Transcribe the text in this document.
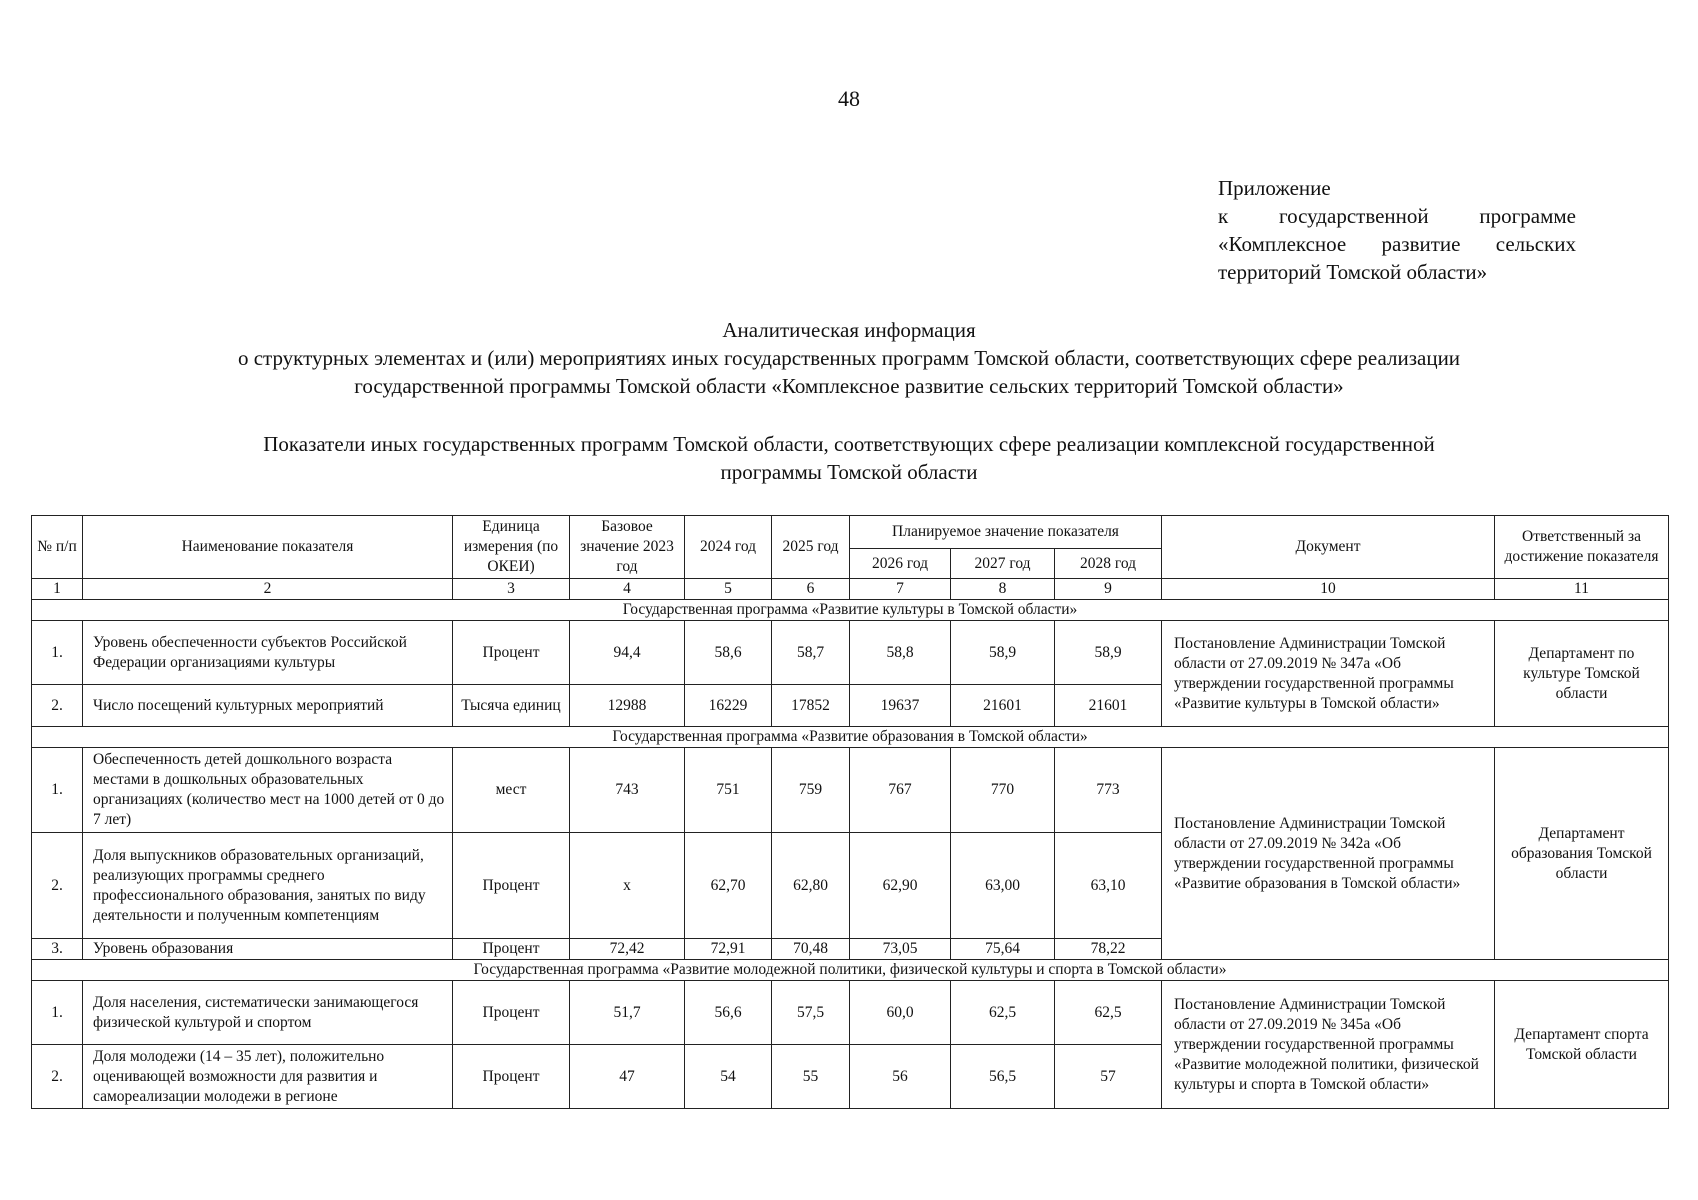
48
Приложение
к государственной программе
«Комплексное развитие сельских
территорий Томской области»
Аналитическая информация
о структурных элементах и (или) мероприятиях иных государственных программ Томской области, соответствующих сфере реализации
государственной программы Томской области «Комплексное развитие сельских территорий Томской области»
Показатели иных государственных программ Томской области, соответствующих сфере реализации комплексной государственной
программы Томской области
№ п/п	Наименование показателя	Единица измерения (по ОКЕИ)	Базовое значение 2023 год	2024 год	2025 год	Планируемое значение показателя			Документ	Ответственный за достижение показателя
						2026 год	2027 год	2028 год		
1	2	3	4	5	6	7	8	9	10	11
Государственная программа «Развитие культуры в Томской области»										
1.	Уровень обеспеченности субъектов Российской Федерации организациями культуры	Процент	94,4	58,6	58,7	58,8	58,9	58,9	Постановление Администрации Томской области от 27.09.2019 № 347а «Об утверждении государственной программы «Развитие культуры в Томской области»	Департамент по культуре Томской области
2.	Число посещений культурных мероприятий	Тысяча единиц	12988	16229	17852	19637	21601	21601		
Государственная программа «Развитие образования в Томской области»										
1.	Обеспеченность детей дошкольного возраста местами в дошкольных образовательных организациях (количество мест на 1000 детей от 0 до 7 лет)	мест	743	751	759	767	770	773	Постановление Администрации Томской области от 27.09.2019 № 342а «Об утверждении государственной программы «Развитие образования в Томской области»	Департамент образования Томской области
2.	Доля выпускников образовательных организаций, реализующих программы среднего профессионального образования, занятых по виду деятельности и полученным компетенциям	Процент	х	62,70	62,80	62,90	63,00	63,10		
3.	Уровень образования	Процент	72,42	72,91	70,48	73,05	75,64	78,22		
Государственная программа «Развитие молодежной политики, физической культуры и спорта в Томской области»										
1.	Доля населения, систематически занимающегося физической культурой и спортом	Процент	51,7	56,6	57,5	60,0	62,5	62,5	Постановление Администрации Томской области от 27.09.2019 № 345а «Об утверждении государственной программы «Развитие молодежной политики, физической культуры и спорта в Томской области»	Департамент спорта Томской области
2.	Доля молодежи (14 – 35 лет), положительно оценивающей возможности для развития и самореализации молодежи в регионе	Процент	47	54	55	56	56,5	57		
